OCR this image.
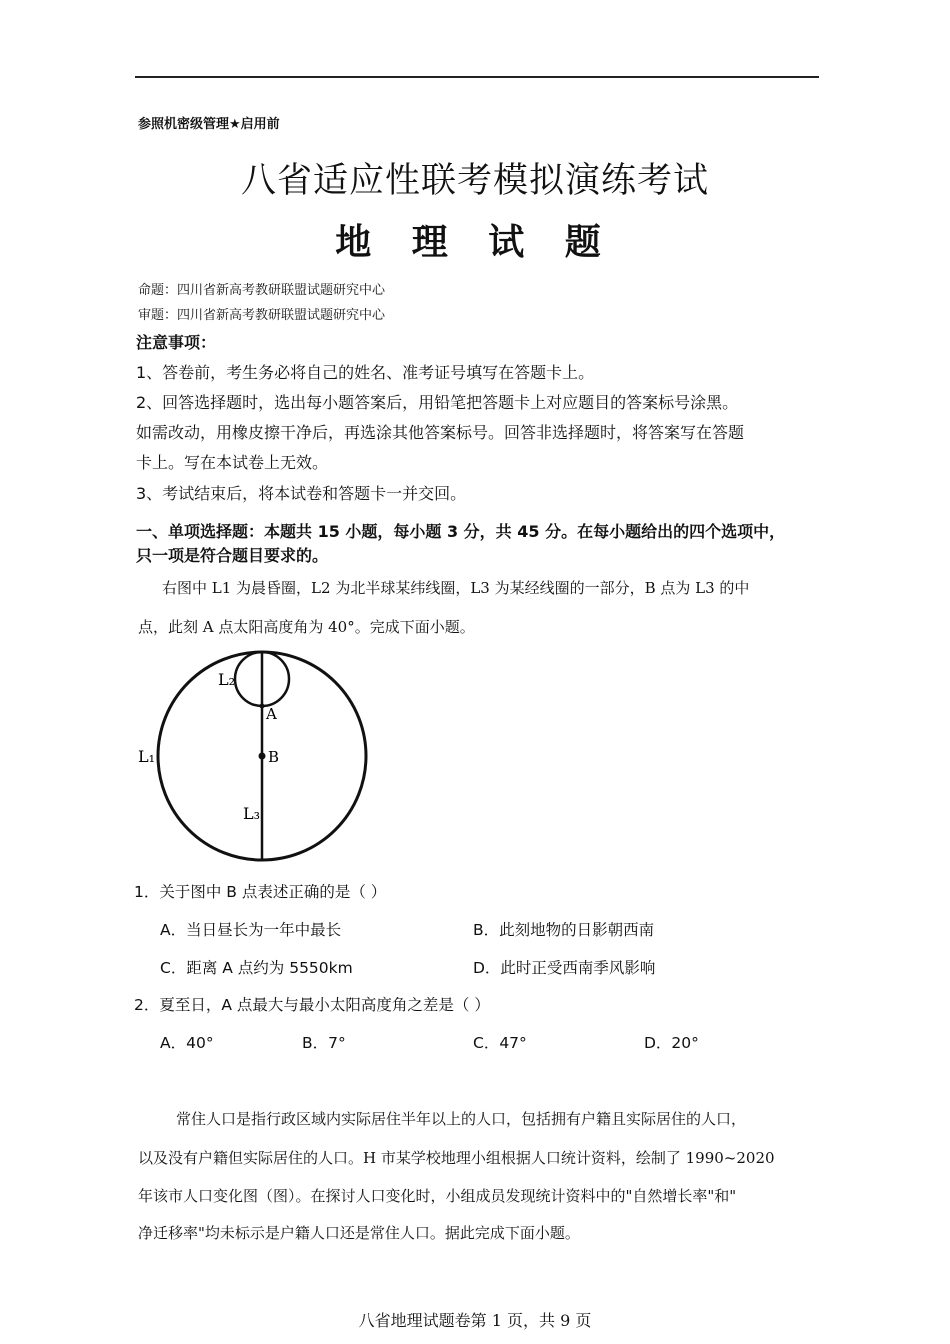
参照机密级管理★启用前
八省适应性联考模拟演练考试
地 理 试 题
命题：四川省新高考教研联盟试题研究中心
审题：四川省新高考教研联盟试题研究中心
注意事项：
1、答卷前，考生务必将自己的姓名、准考证号填写在答题卡上。
2、回答选择题时，选出每小题答案后，用铅笔把答题卡上对应题目的答案标号涂黑。
如需改动，用橡皮擦干净后，再选涂其他答案标号。回答非选择题时，将答案写在答题
卡上。写在本试卷上无效。
3、考试结束后，将本试卷和答题卡一并交回。
一、单项选择题：本题共 15 小题，每小题 3 分，共 45 分。在每小题给出的四个选项中，
只一项是符合题目要求的。
右图中 L1 为晨昏圈，L2 为北半球某纬线圈，L3 为某经线圈的一部分，B 点为 L3 的中
点，此刻 A 点太阳高度角为 40°。完成下面小题。
L₂
A
L₁	B
L₃
1．关于图中 B 点表述正确的是（ ）
A．当日昼长为一年中最长	B．此刻地物的日影朝西南
C．距离 A 点约为 5550km	D．此时正受西南季风影响
2．夏至日，A 点最大与最小太阳高度角之差是（ ）
A．40°	B．7°	C．47°	D．20°
常住人口是指行政区域内实际居住半年以上的人口，包括拥有户籍且实际居住的人口，
以及没有户籍但实际居住的人口。H 市某学校地理小组根据人口统计资料，绘制了 1990~2020
年该市人口变化图（图）。在探讨人口变化时，小组成员发现统计资料中的"自然增长率"和"
净迁移率"均未标示是户籍人口还是常住人口。据此完成下面小题。
八省地理试题卷第 1 页，共 9 页
